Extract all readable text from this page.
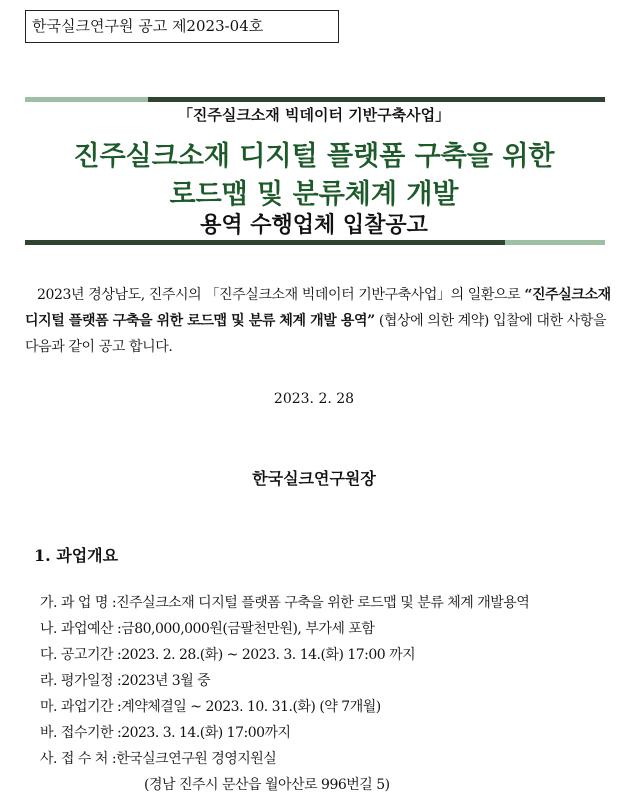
한국실크연구원 공고 제2023-04호
「진주실크소재 빅데이터 기반구축사업」
진주실크소재 디지털 플랫폼 구축을 위한
로드맵 및 분류체계 개발
용역 수행업체 입찰공고
2023년 경상남도, 진주시의 「진주실크소재 빅데이터 기반구축사업」의 일환으로 “진주실크소재 디지털 플랫폼 구축을 위한 로드맵 및 분류 체계 개발 용역” (협상에 의한 계약) 입찰에 대한 사항을 다음과 같이 공고 합니다.
2023. 2. 28
한국실크연구원장
1. 과업개요
가. 과 업 명 :진주실크소재 디지털 플랫폼 구축을 위한 로드맵 및 분류 체계 개발용역
나. 과업예산 :금80,000,000원(금팔천만원), 부가세 포함
다. 공고기간 :2023. 2. 28.(화) ~ 2023. 3. 14.(화) 17:00 까지
라. 평가일정 :2023년 3월 중
마. 과업기간 :계약체결일 ~ 2023. 10. 31.(화) (약 7개월)
바. 접수기한 :2023. 3. 14.(화) 17:00까지
사. 접 수 처 :한국실크연구원 경영지원실
(경남 진주시 문산읍 월아산로 996번길 5)
